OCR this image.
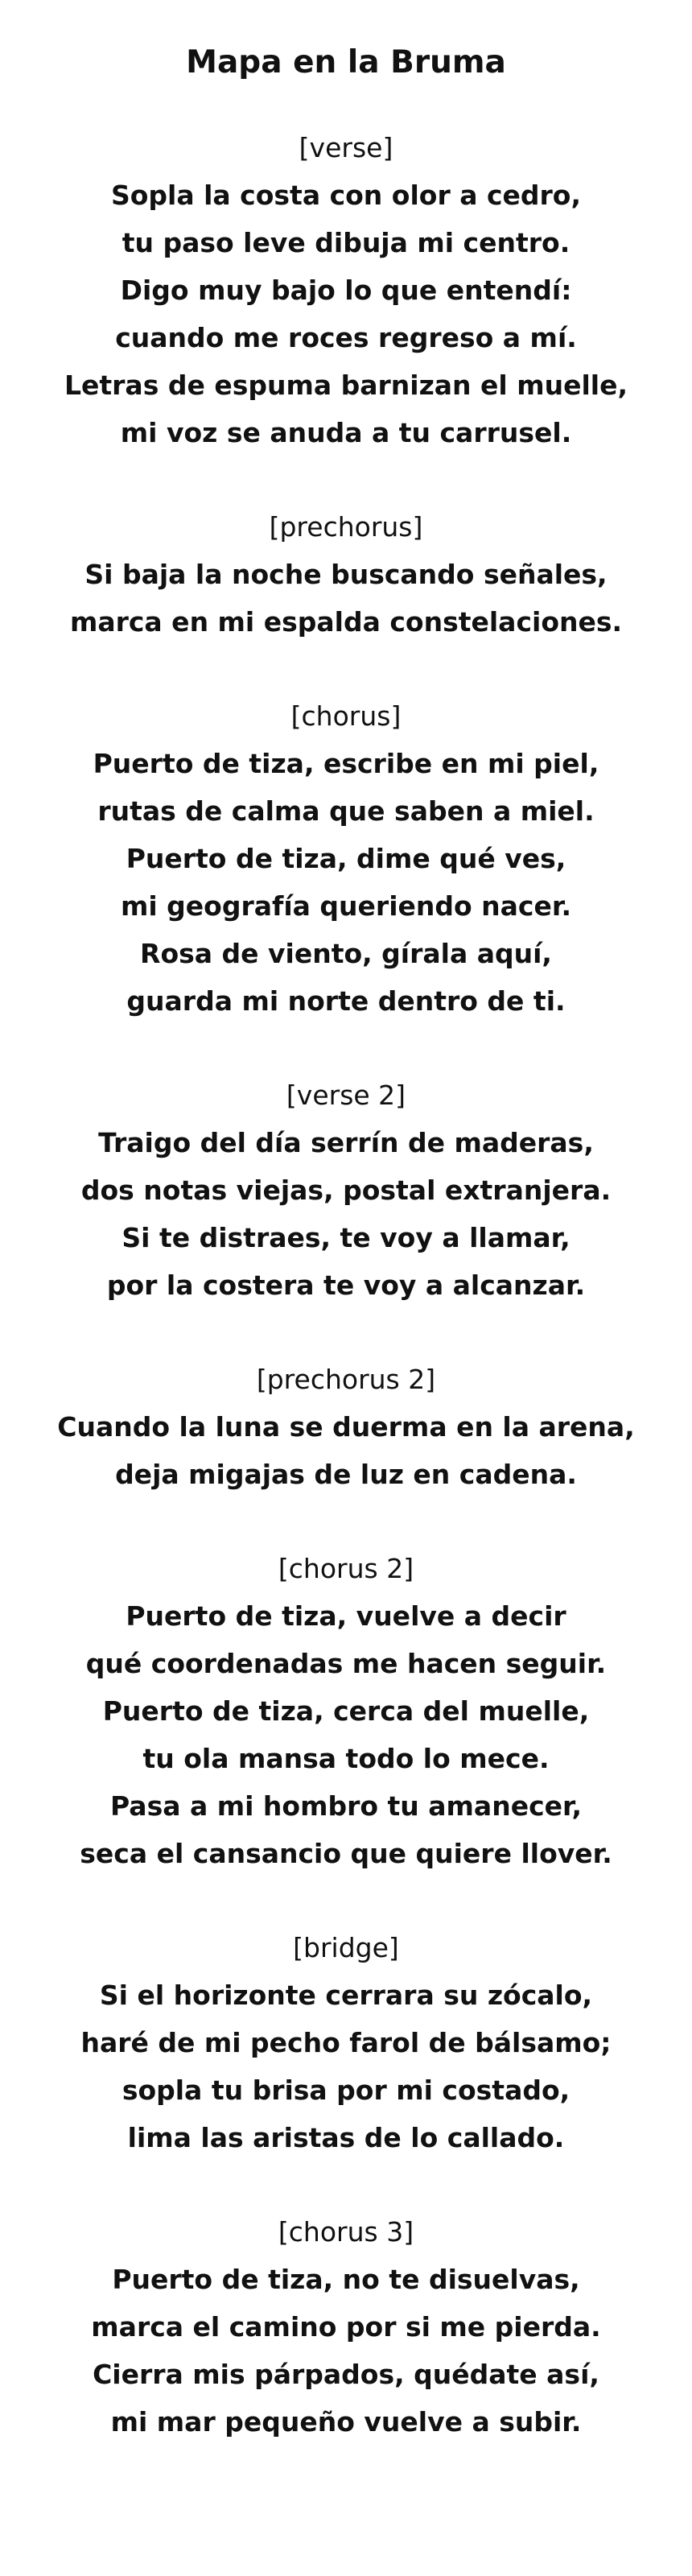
Mapa en la Bruma
[verse]
Sopla la costa con olor a cedro,
tu paso leve dibuja mi centro.
Digo muy bajo lo que entendí:
cuando me roces regreso a mí.
Letras de espuma barnizan el muelle,
mi voz se anuda a tu carrusel.
[prechorus]
Si baja la noche buscando señales,
marca en mi espalda constelaciones.
[chorus]
Puerto de tiza, escribe en mi piel,
rutas de calma que saben a miel.
Puerto de tiza, dime qué ves,
mi geografía queriendo nacer.
Rosa de viento, gírala aquí,
guarda mi norte dentro de ti.
[verse 2]
Traigo del día serrín de maderas,
dos notas viejas, postal extranjera.
Si te distraes, te voy a llamar,
por la costera te voy a alcanzar.
[prechorus 2]
Cuando la luna se duerma en la arena,
deja migajas de luz en cadena.
[chorus 2]
Puerto de tiza, vuelve a decir
qué coordenadas me hacen seguir.
Puerto de tiza, cerca del muelle,
tu ola mansa todo lo mece.
Pasa a mi hombro tu amanecer,
seca el cansancio que quiere llover.
[bridge]
Si el horizonte cerrara su zócalo,
haré de mi pecho farol de bálsamo;
sopla tu brisa por mi costado,
lima las aristas de lo callado.
[chorus 3]
Puerto de tiza, no te disuelvas,
marca el camino por si me pierda.
Cierra mis párpados, quédate así,
mi mar pequeño vuelve a subir.
